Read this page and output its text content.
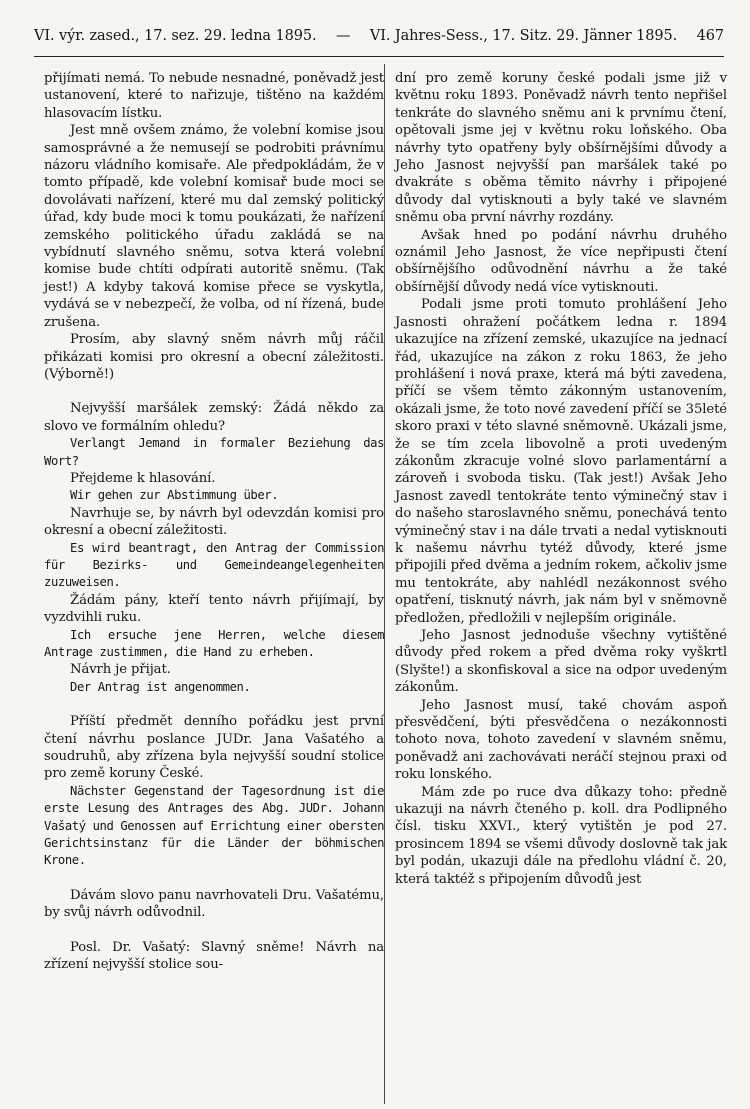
VI. výr. zased., 17. sez. 29. ledna 1895. — VI. Jahres-Sess., 17. Sitz. 29. Jänner 1895. 467

přijímati nemá. To nebude nesnadné, poněvadž jest ustanovení, které to nařizuje, tištěno na každém hlasovacím lístku.

Jest mně ovšem známo, že volební komise jsou samosprávné a že nemusejí se podrobiti právnímu názoru vládního komisaře. Ale předpokládám, že v tomto případě, kde volební komisař bude moci se dovolávati nařízení, které mu dal zemský politický úřad, kdy bude moci k tomu poukázati, že nařízení zemského politického úřadu zakládá se na vybídnutí slavného sněmu, sotva která volební komise bude chtíti odpírati autoritě sněmu. (Tak jest!) A kdyby taková komise přece se vyskytla, vydává se v nebezpečí, že volba, od ní řízená, bude zrušena.

Prosím, aby slavný sněm návrh můj ráčil přikázati komisi pro okresní a obecní záležitosti. (Výborně!)

Nejvyšší maršálek zemský: Žádá někdo za slovo ve formálním ohledu?

Verlangt Jemand in formaler Beziehung das Wort?

Přejdeme k hlasování.

Wir gehen zur Abstimmung über.

Navrhuje se, by návrh byl odevzdán komisi pro okresní a obecní záležitosti.

Es wird beantragt, den Antrag der Commission für Bezirks- und Gemeindeangelegenheiten zuzuweisen.

Žádám pány, kteří tento návrh přijímají, by vyzdvihli ruku.

Ich ersuche jene Herren, welche diesem Antrage zustimmen, die Hand zu erheben.

Návrh je přijat.

Der Antrag ist angenommen.

Příští předmět denního pořádku jest první čtení návrhu poslance JUDr. Jana Vašatého a soudruhů, aby zřízena byla nejvyšší soudní stolice pro země koruny České.

Nächster Gegenstand der Tagesordnung ist die erste Lesung des Antrages des Abg. JUDr. Johann Vašatý und Genossen auf Errichtung einer obersten Gerichtsinstanz für die Länder der böhmischen Krone.

Dávám slovo panu navrhovateli Dru. Vašatému, by svůj návrh odůvodnil.

Posl. Dr. Vašatý: Slavný sněme! Návrh na zřízení nejvyšší stolice sou-

dní pro země koruny české podali jsme již v květnu roku 1893. Poněvadž návrh tento nepřišel tenkráte do slavného sněmu ani k prvnímu čtení, opětovali jsme jej v květnu roku loňského. Oba návrhy tyto opatřeny byly obšírnějšími důvody a Jeho Jasnost nejvyšší pan maršálek také po dvakráte s oběma těmito návrhy i připojené důvody dal vytisknouti a byly také ve slavném sněmu oba první návrhy rozdány.

Avšak hned po podání návrhu druhého oznámil Jeho Jasnost, že více nepřipusti čtení obšírnějšího odůvodnění návrhu a že také obšírnější důvody nedá více vytisknouti.

Podali jsme proti tomuto prohlášení Jeho Jasnosti ohražení počátkem ledna r. 1894 ukazujíce na zřízení zemské, ukazujíce na jednací řád, ukazujíce na zákon z roku 1863, že jeho prohlášení i nová praxe, která má býti zavedena, příčí se všem těmto zákonným ustanovením, okázali jsme, že toto nové zavedení příčí se 35leté skoro praxi v této slavné sněmovně. Ukázali jsme, že se tím zcela libovolně a proti uvedeným zákonům zkracuje volné slovo parlamentární a zároveň i svoboda tisku. (Tak jest!) Avšak Jeho Jasnost zavedl tentokráte tento výminečný stav i do našeho staroslavného sněmu, ponechává tento výminečný stav i na dále trvati a nedal vytisknouti k našemu návrhu tytéž důvody, které jsme připojili před dvěma a jedním rokem, ačkoliv jsme mu tentokráte, aby nahlédl nezákonnost svého opatření, tisknutý návrh, jak nám byl v sněmovně předložen, předložili v nejlepším originále.

Jeho Jasnost jednoduše všechny vytištěné důvody před rokem a před dvěma roky vyškrtl (Slyšte!) a skonfiskoval a sice na odpor uvedeným zákonům.

Jeho Jasnost musí, také chovám aspoň přesvědčení, býti přesvědčena o nezákonnosti tohoto nova, tohoto zavedení v slavném sněmu, poněvadž ani zachovávati neráčí stejnou praxi od roku lonského.

Mám zde po ruce dva důkazy toho: předně ukazuji na návrh čteného p. koll. dra Podlipného čísl. tisku XXVI., který vytištěn je pod 27. prosincem 1894 se všemi důvody doslovně tak jak byl podán, ukazuji dále na předlohu vládní č. 20, která taktéž s připojením důvodů jest
